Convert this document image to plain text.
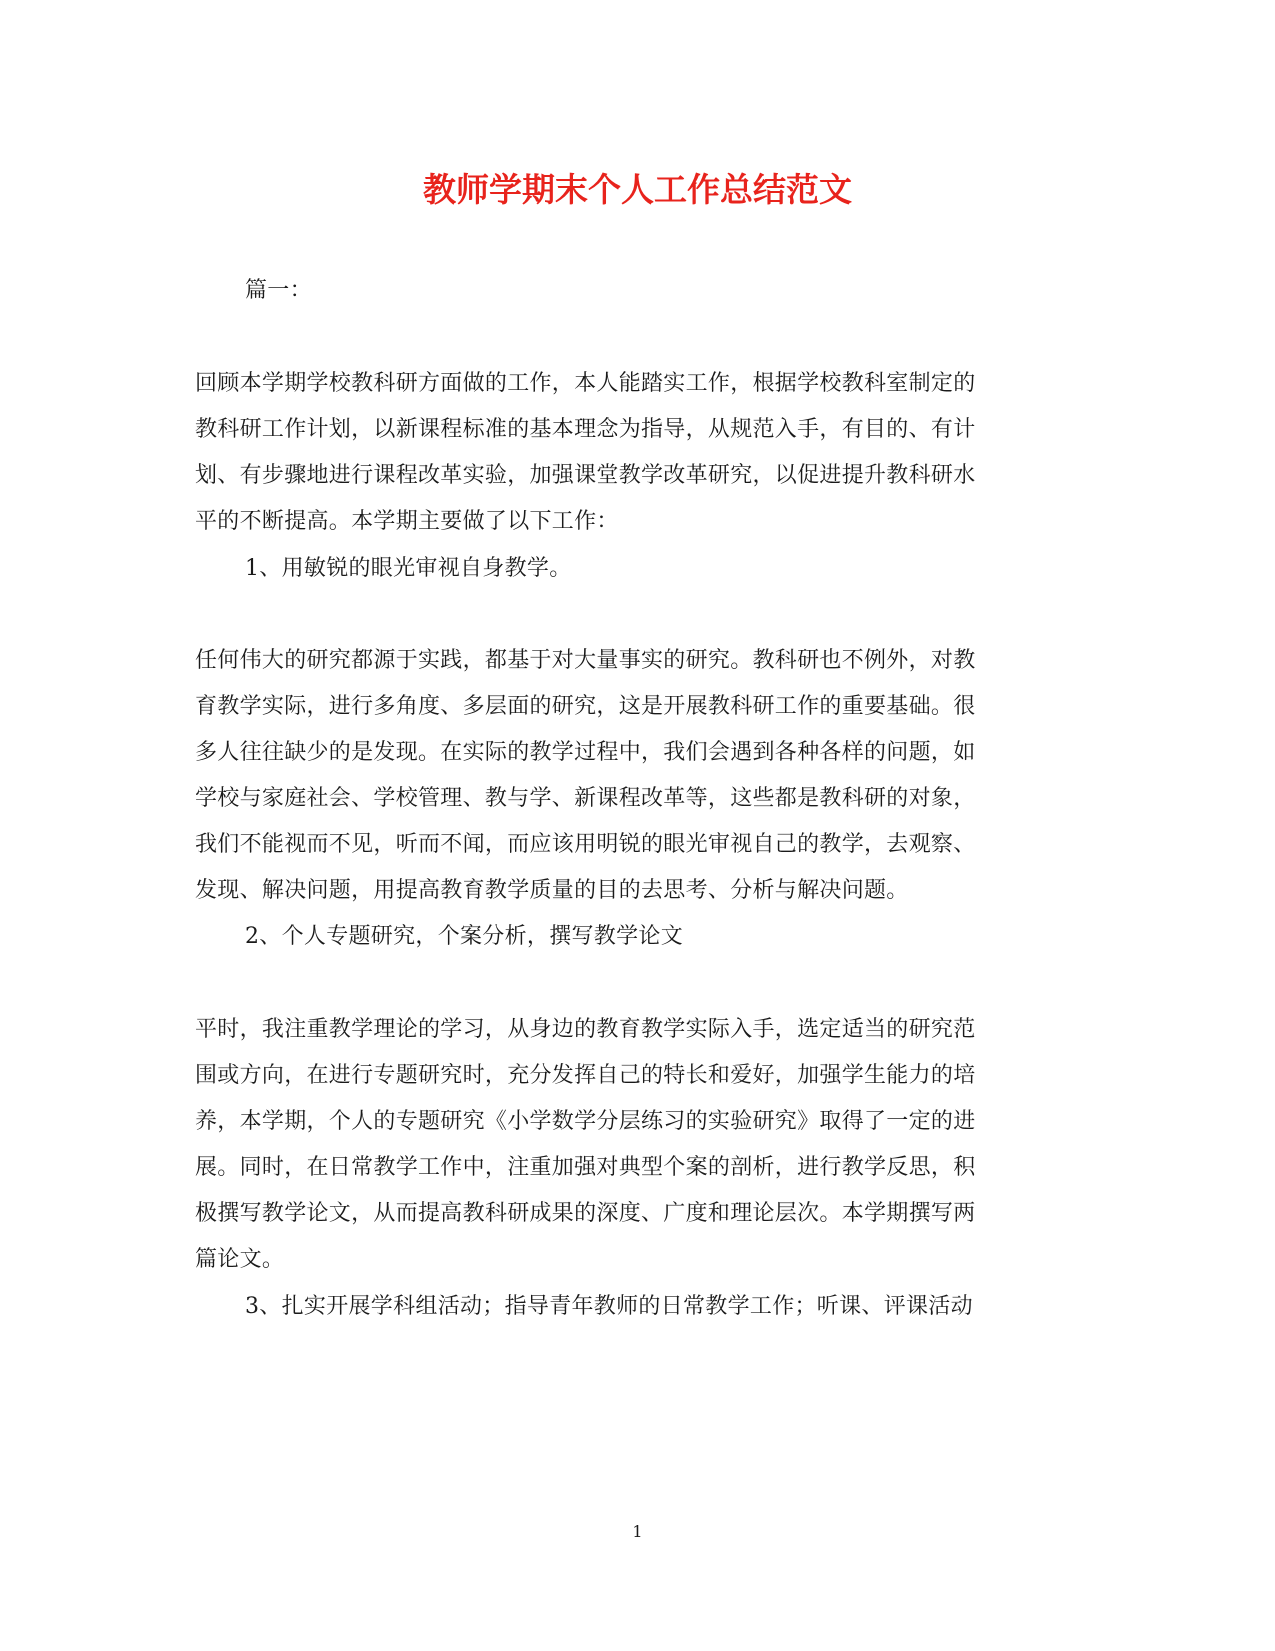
教师学期末个人工作总结范文
篇一：
回顾本学期学校教科研方面做的工作，本人能踏实工作，根据学校教科室制定的
教科研工作计划，以新课程标准的基本理念为指导，从规范入手，有目的、有计
划、有步骤地进行课程改革实验，加强课堂教学改革研究，以促进提升教科研水
平的不断提高。本学期主要做了以下工作：
1、用敏锐的眼光审视自身教学。
任何伟大的研究都源于实践，都基于对大量事实的研究。教科研也不例外，对教
育教学实际，进行多角度、多层面的研究，这是开展教科研工作的重要基础。很
多人往往缺少的是发现。在实际的教学过程中，我们会遇到各种各样的问题，如
学校与家庭社会、学校管理、教与学、新课程改革等，这些都是教科研的对象，
我们不能视而不见，听而不闻，而应该用明锐的眼光审视自己的教学，去观察、
发现、解决问题，用提高教育教学质量的目的去思考、分析与解决问题。
2、个人专题研究，个案分析，撰写教学论文
平时，我注重教学理论的学习，从身边的教育教学实际入手，选定适当的研究范
围或方向，在进行专题研究时，充分发挥自己的特长和爱好，加强学生能力的培
养，本学期，个人的专题研究《小学数学分层练习的实验研究》取得了一定的进
展。同时，在日常教学工作中，注重加强对典型个案的剖析，进行教学反思，积
极撰写教学论文，从而提高教科研成果的深度、广度和理论层次。本学期撰写两
篇论文。
3、扎实开展学科组活动；指导青年教师的日常教学工作；听课、评课活动
1
